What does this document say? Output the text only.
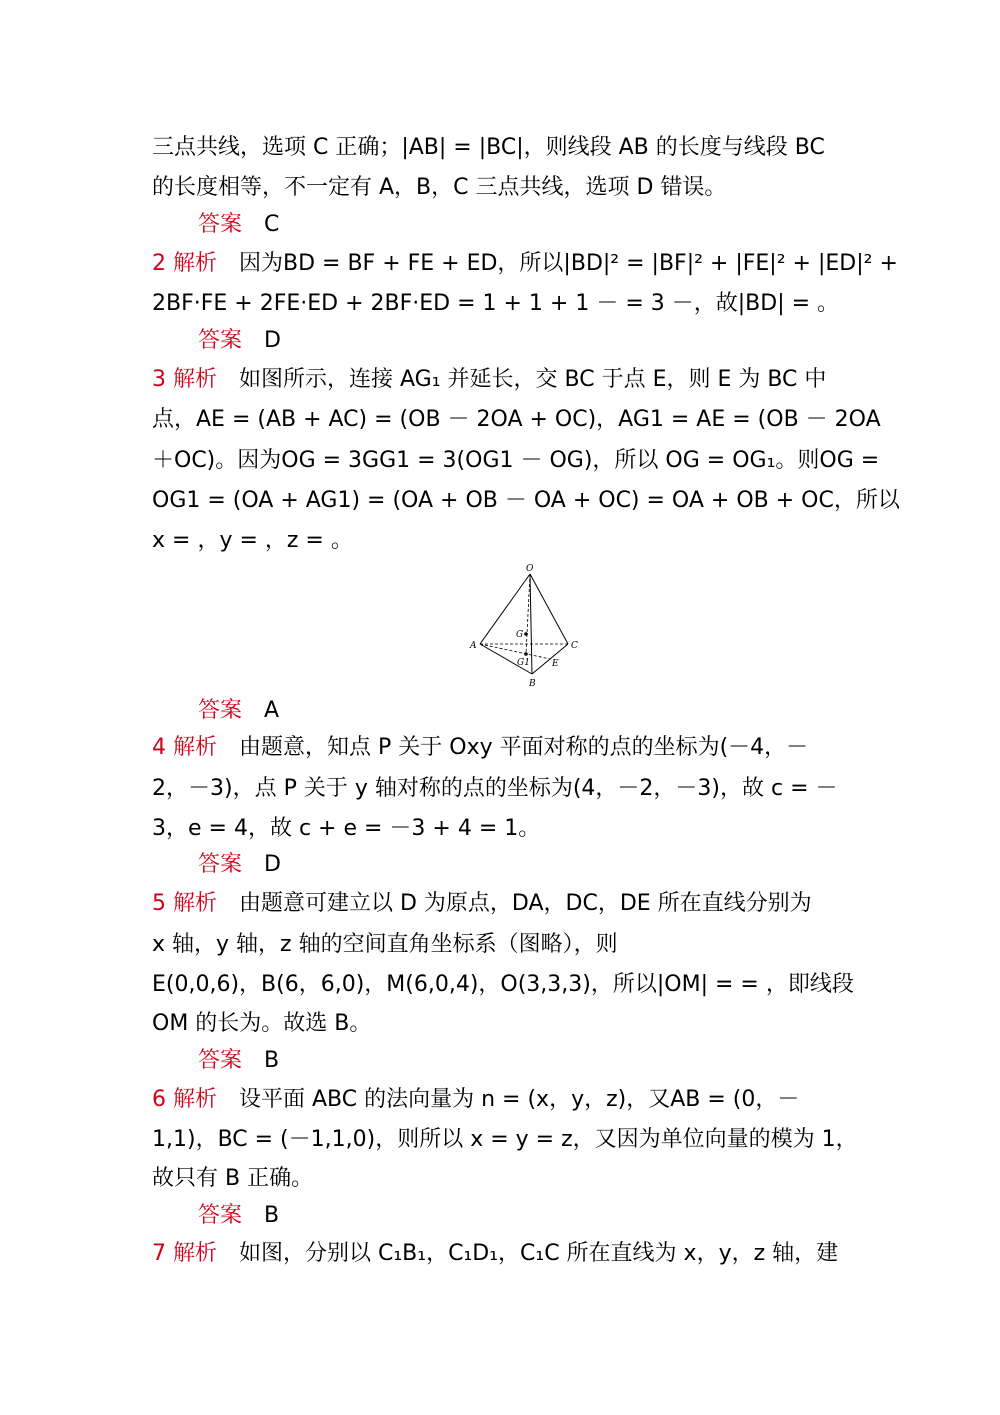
三点共线，选项 C 正确；|AB| = |BC|，则线段 AB 的长度与线段 BC
的长度相等，不一定有 A，B，C 三点共线，选项 D 错误。
答案 C
2 解析 因为BD = BF + FE + ED，所以|BD|² = |BF|² + |FE|² + |ED|² +
2BF·FE + 2FE·ED + 2BF·ED = 1 + 1 + 1 － = 3 －，故|BD| = 。
答案 D
3 解析 如图所示，连接 AG₁ 并延长，交 BC 于点 E，则 E 为 BC 中
点，AE = (AB + AC) = (OB － 2OA + OC)，AG1 = AE = (OB － 2OA
＋OC)。因为OG = 3GG1 = 3(OG1 － OG)，所以 OG = OG₁。则OG =
OG1 = (OA + AG1) = (OA + OB － OA + OC) = OA + OB + OC，所以
x = ，y = ，z = 。
O
A	C
B
G
G1 E
答案 A
4 解析 由题意，知点 P 关于 Oxy 平面对称的点的坐标为(－4，－
2，－3)，点 P 关于 y 轴对称的点的坐标为(4，－2，－3)，故 c = －
3，e = 4，故 c + e = －3 + 4 = 1。
答案 D
5 解析 由题意可建立以 D 为原点，DA，DC，DE 所在直线分别为
x 轴，y 轴，z 轴的空间直角坐标系（图略），则
E(0,0,6)，B(6，6,0)，M(6,0,4)，O(3,3,3)，所以|OM| = = ，即线段
OM 的长为。故选 B。
答案 B
6 解析 设平面 ABC 的法向量为 n = (x，y，z)，又AB = (0，－
1,1)，BC = (－1,1,0)，则所以 x = y = z，又因为单位向量的模为 1，
故只有 B 正确。
答案 B
7 解析 如图，分别以 C₁B₁，C₁D₁，C₁C 所在直线为 x，y，z 轴，建
